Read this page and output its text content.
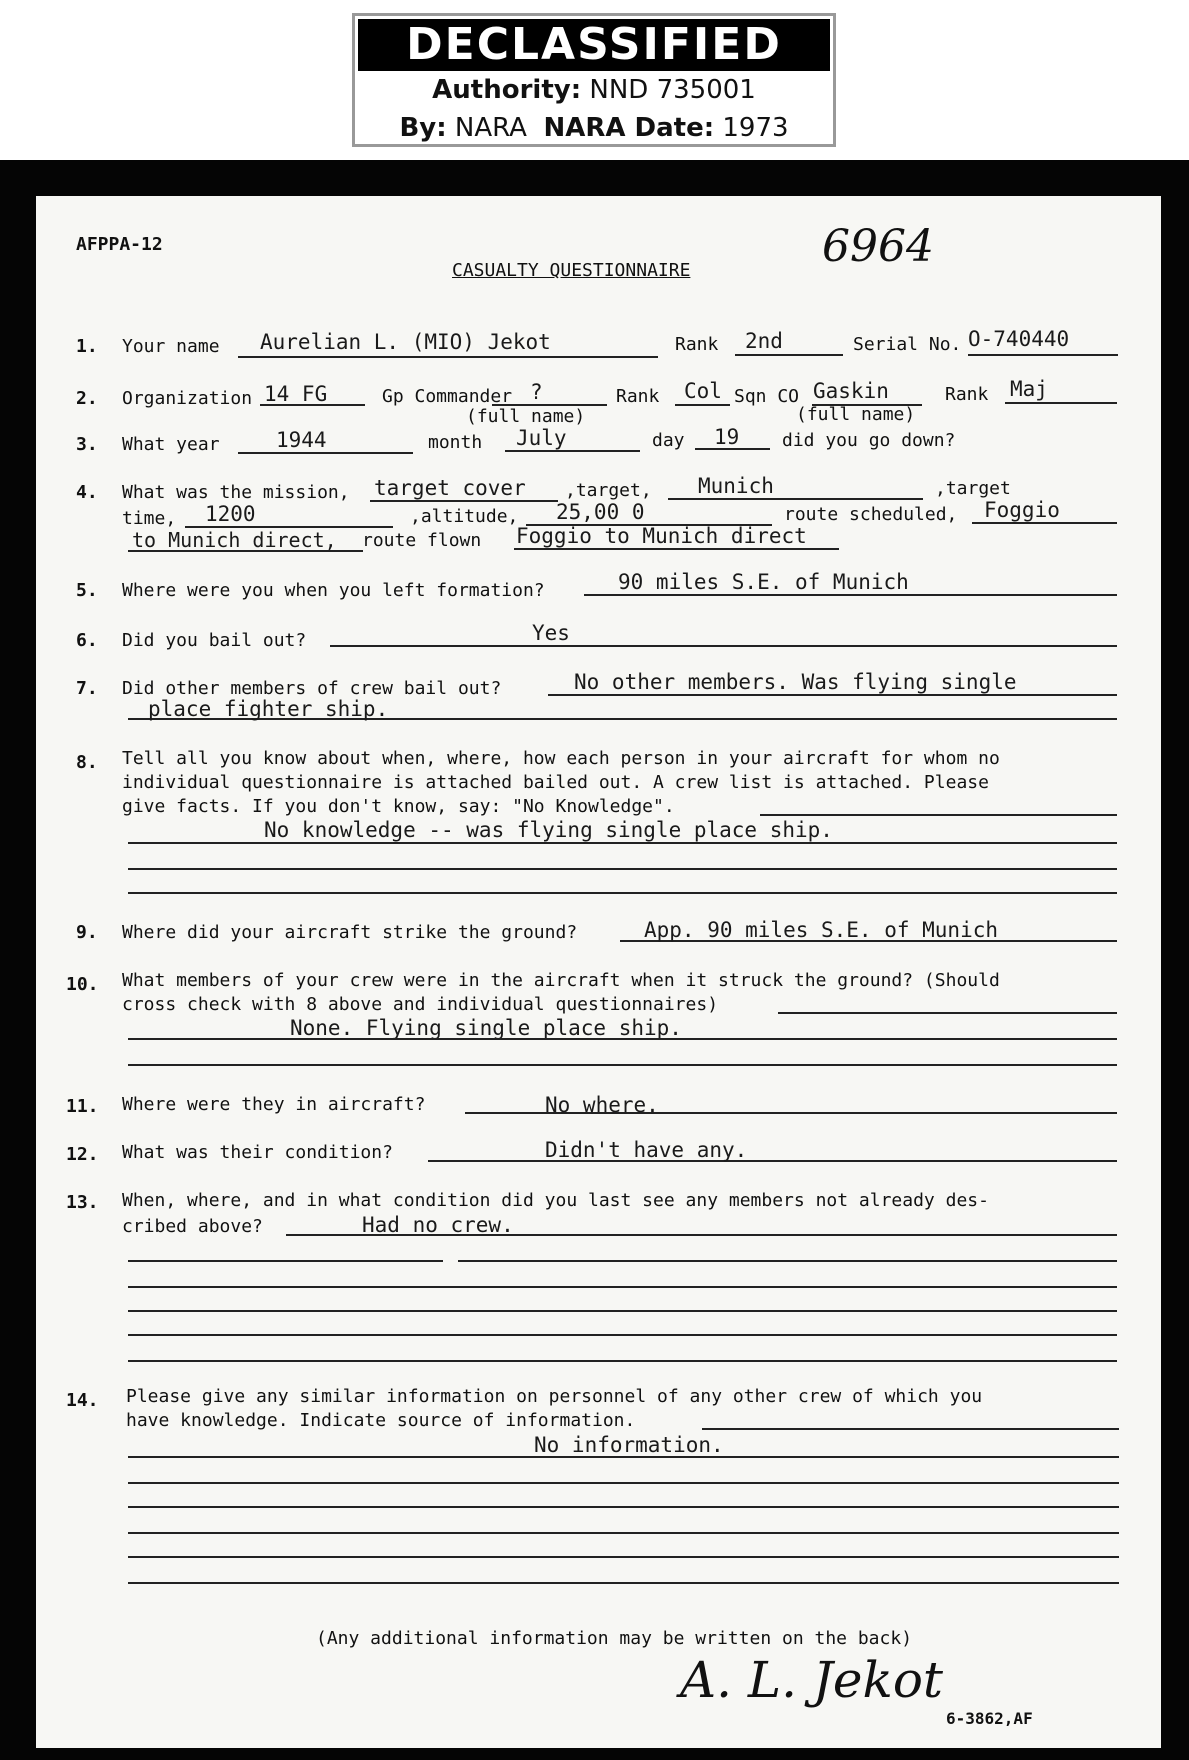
DECLASSIFIED
Authority: NND 735001
By: NARA NARA Date: 1973
AFPPA-12
CASUALTY QUESTIONNAIRE	6964
1. Your name Aurelian L. (MIO) Jekot	Rank 2nd	Serial No. O-740440
2. Organization 14 FG	Gp Commander ?	Rank Col Sqn CO Gaskin	Rank Maj
(full name)	(full name)
3. What year	1944	month July	day 19 did you go down?
4. What was the mission, target cover ,target, Munich	,target
time, 1200	,altitude, 25,00 0	route scheduled, Foggio
to Munich direct, route flown Foggio to Munich direct
5. Where were you when you left formation?	90 miles S.E. of Munich
6. Did you bail out?	Yes
7. Did other members of crew bail out?	No other members. Was flying single
place fighter ship.
8. Tell all you know about when, where, how each person in your aircraft for whom no
individual questionnaire is attached bailed out. A crew list is attached. Please
give facts. If you don't know, say: "No Knowledge".
No knowledge -- was flying single place ship.
9. Where did your aircraft strike the ground?	App. 90 miles S.E. of Munich
10. What members of your crew were in the aircraft when it struck the ground? (Should
cross check with 8 above and individual questionnaires)
None. Flying single place ship.
11. Where were they in aircraft?	No where.
12. What was their condition?	Didn't have any.
13. When, where, and in what condition did you last see any members not already des-
cribed above?	Had no crew.
14. Please give any similar information on personnel of any other crew of which you
have knowledge. Indicate source of information.
No information.
(Any additional information may be written on the back)
A. L. Jekot
6-3862,AF
